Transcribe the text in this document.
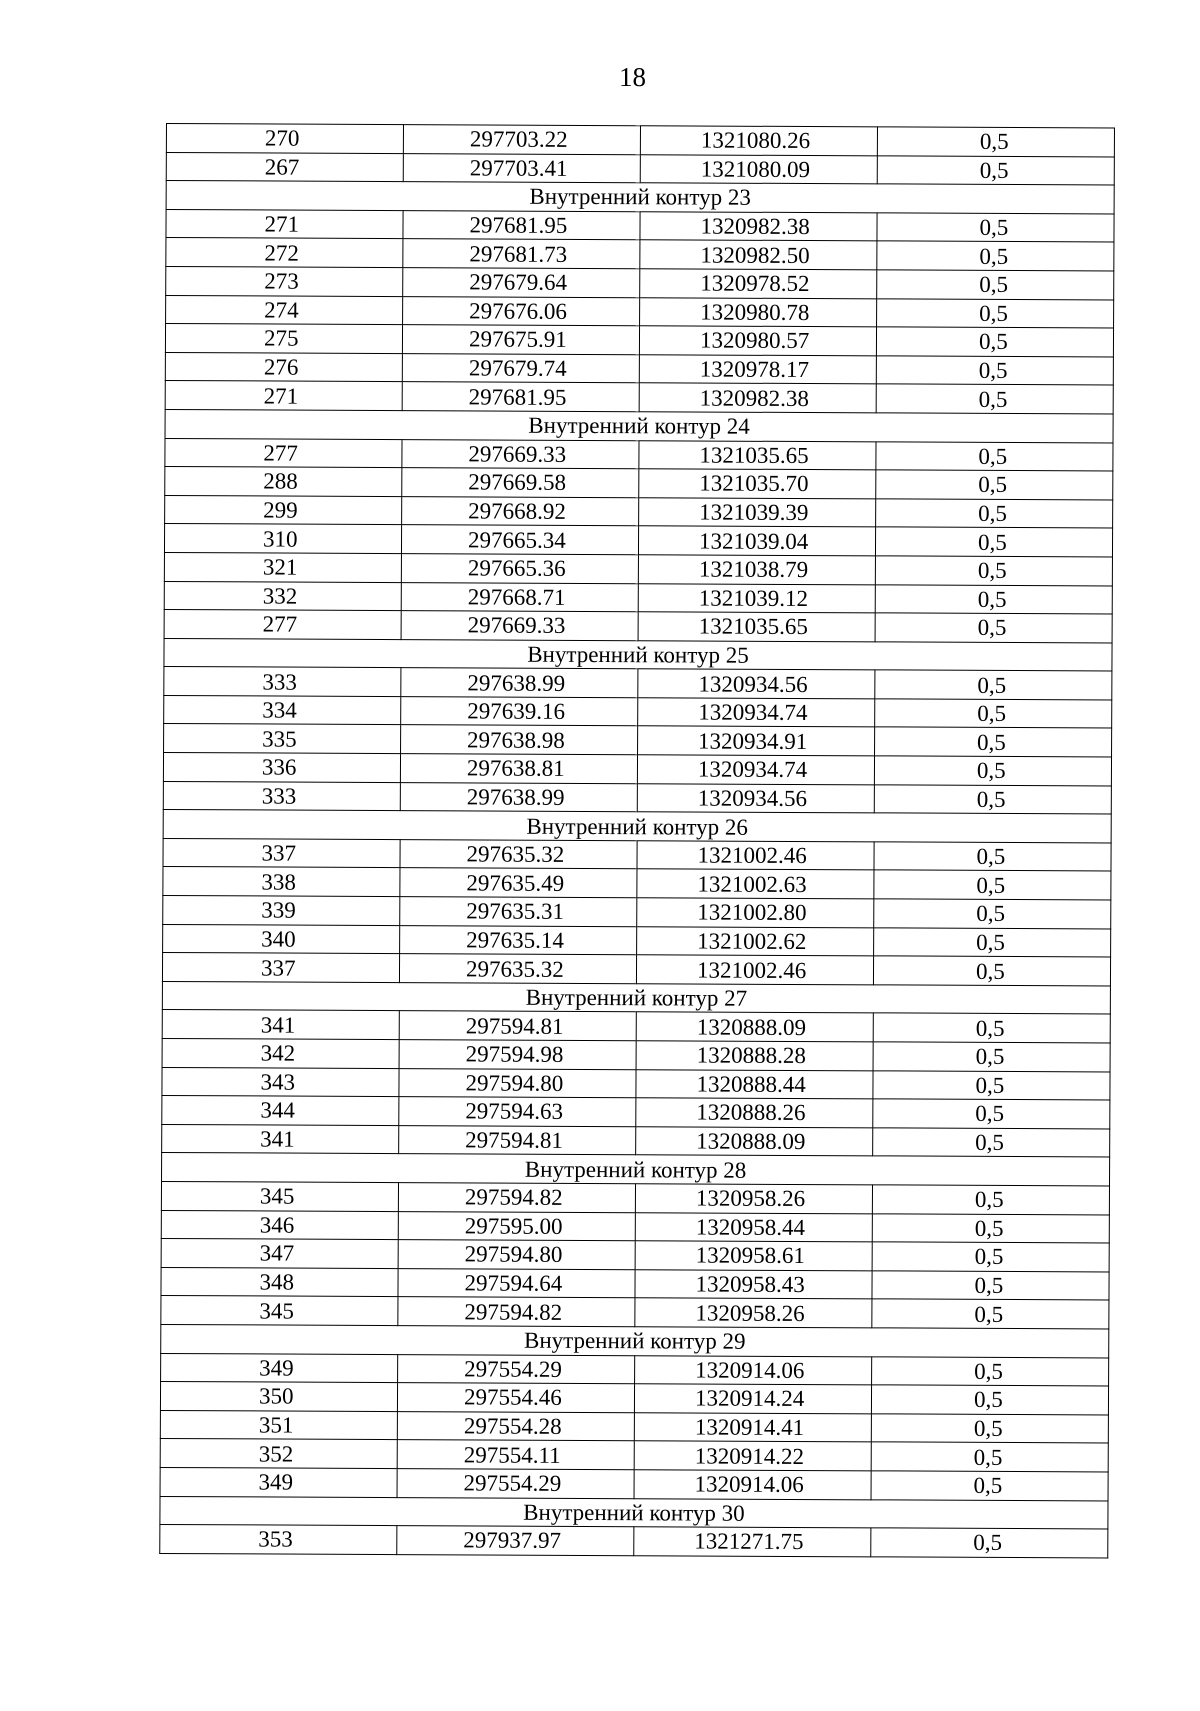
18
270	297703.22	1321080.26	0,5
267	297703.41	1321080.09	0,5
Внутренний контур 23			
271	297681.95	1320982.38	0,5
272	297681.73	1320982.50	0,5
273	297679.64	1320978.52	0,5
274	297676.06	1320980.78	0,5
275	297675.91	1320980.57	0,5
276	297679.74	1320978.17	0,5
271	297681.95	1320982.38	0,5
Внутренний контур 24			
277	297669.33	1321035.65	0,5
288	297669.58	1321035.70	0,5
299	297668.92	1321039.39	0,5
310	297665.34	1321039.04	0,5
321	297665.36	1321038.79	0,5
332	297668.71	1321039.12	0,5
277	297669.33	1321035.65	0,5
Внутренний контур 25			
333	297638.99	1320934.56	0,5
334	297639.16	1320934.74	0,5
335	297638.98	1320934.91	0,5
336	297638.81	1320934.74	0,5
333	297638.99	1320934.56	0,5
Внутренний контур 26			
337	297635.32	1321002.46	0,5
338	297635.49	1321002.63	0,5
339	297635.31	1321002.80	0,5
340	297635.14	1321002.62	0,5
337	297635.32	1321002.46	0,5
Внутренний контур 27			
341	297594.81	1320888.09	0,5
342	297594.98	1320888.28	0,5
343	297594.80	1320888.44	0,5
344	297594.63	1320888.26	0,5
341	297594.81	1320888.09	0,5
Внутренний контур 28			
345	297594.82	1320958.26	0,5
346	297595.00	1320958.44	0,5
347	297594.80	1320958.61	0,5
348	297594.64	1320958.43	0,5
345	297594.82	1320958.26	0,5
Внутренний контур 29			
349	297554.29	1320914.06	0,5
350	297554.46	1320914.24	0,5
351	297554.28	1320914.41	0,5
352	297554.11	1320914.22	0,5
349	297554.29	1320914.06	0,5
Внутренний контур 30			
353	297937.97	1321271.75	0,5
